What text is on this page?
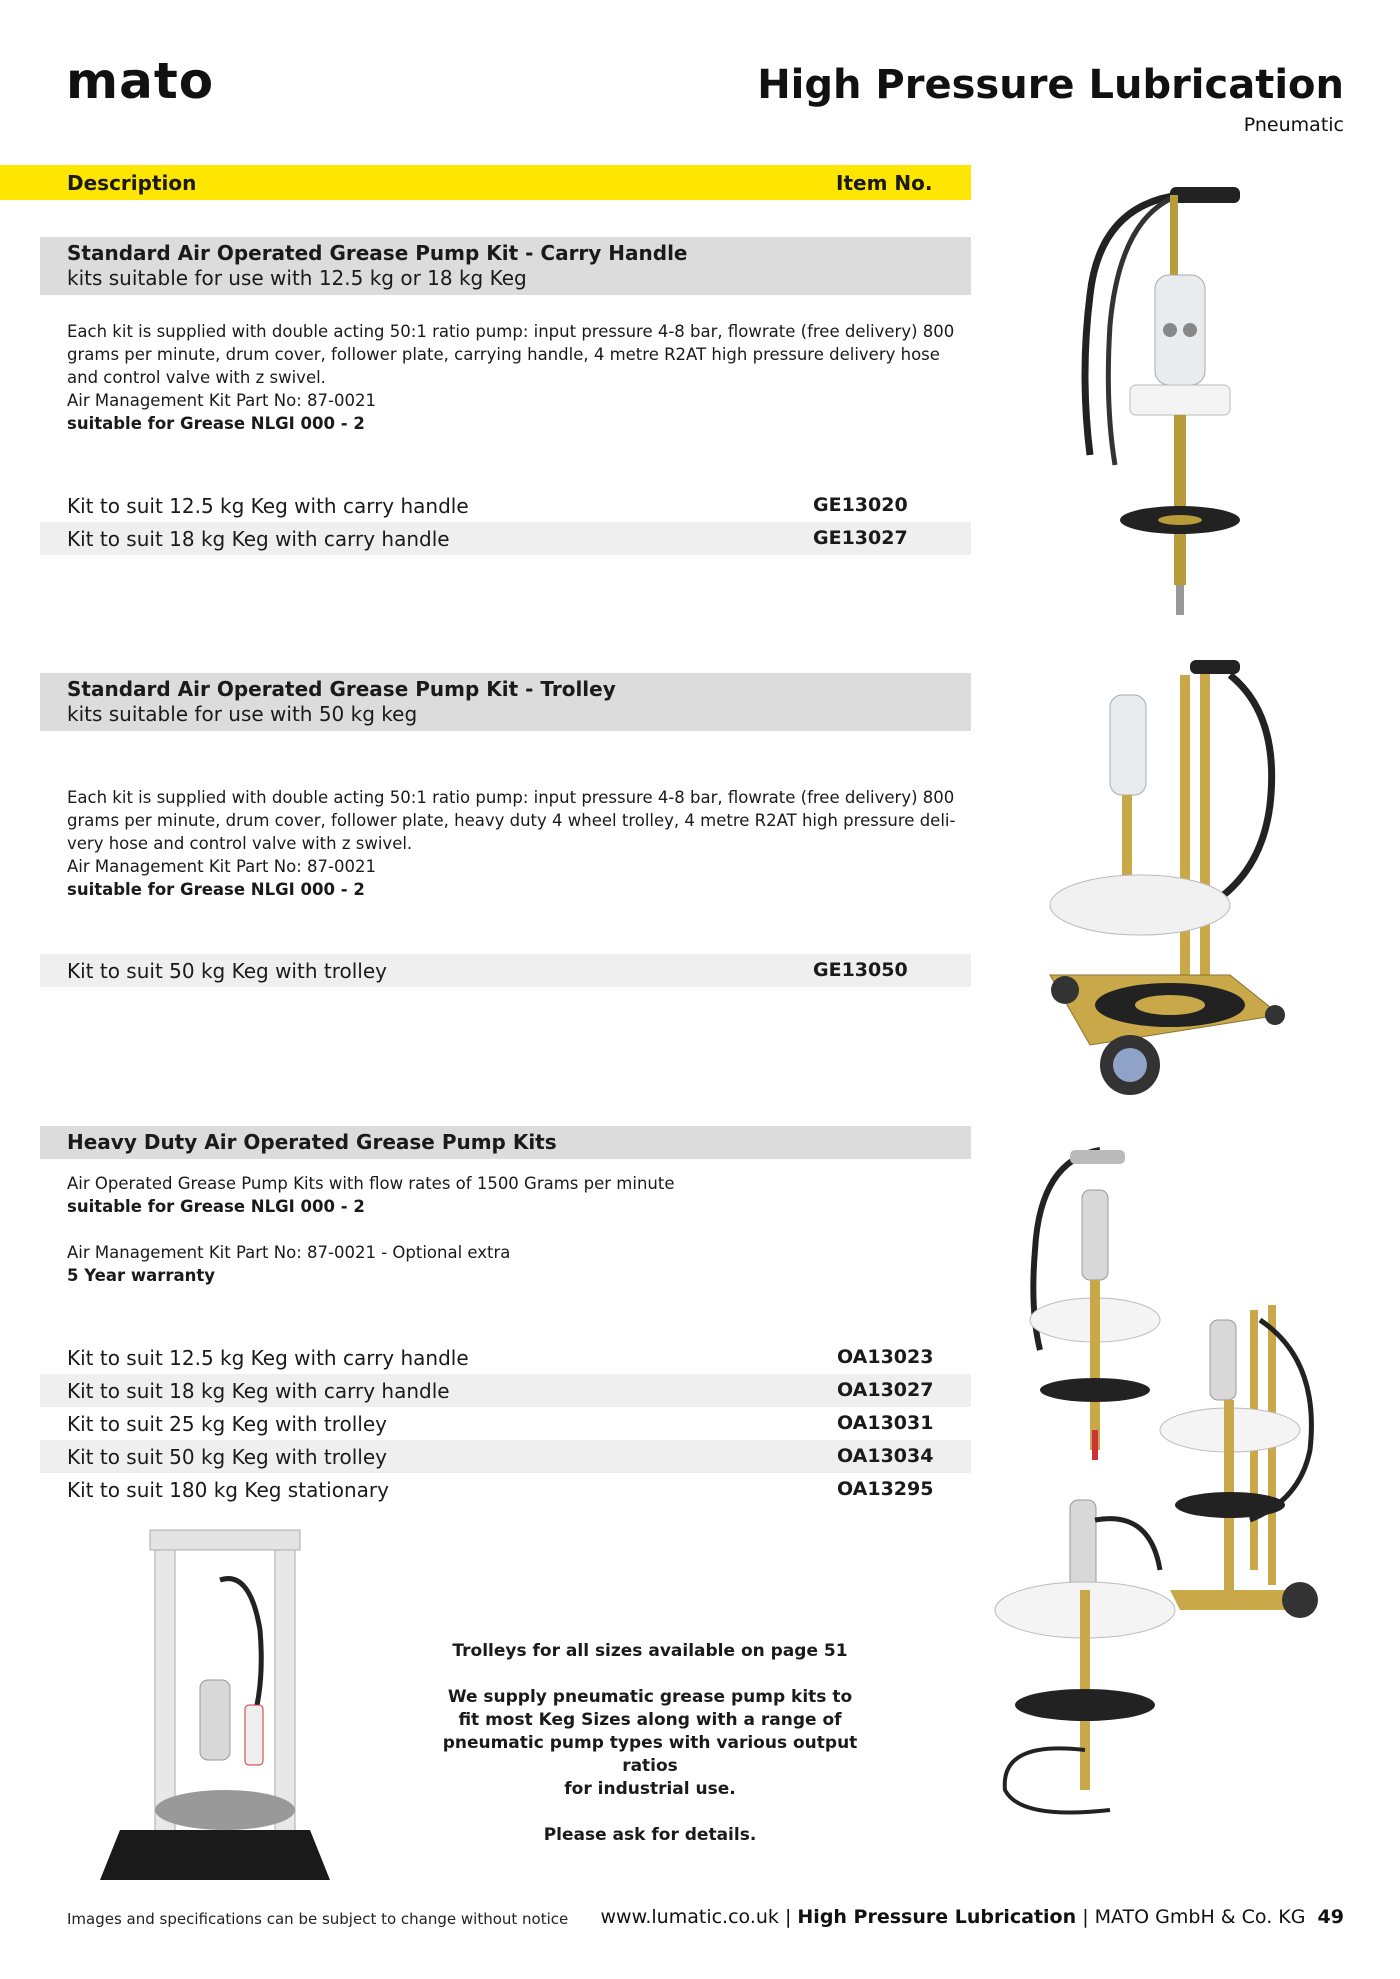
mato	High Pressure Lubrication
Pneumatic
Description	Item No.
Standard Air Operated Grease Pump Kit - Carry Handle
kits suitable for use with 12.5 kg or 18 kg Keg

Each kit is supplied with double acting 50:1 ratio pump: input pressure 4-8 bar, flowrate (free delivery) 800

grams per minute, drum cover, follower plate, carrying handle, 4 metre R2AT high pressure delivery hose

and control valve with z swivel.

Air Management Kit Part No: 87-0021

suitable for Grease NLGI 000 - 2

Kit to suit 12.5 kg Keg with carry handle	GE13020
Kit to suit 18 kg Keg with carry handle	GE13027
Standard Air Operated Grease Pump Kit - Trolley
kits suitable for use with 50 kg keg

Each kit is supplied with double acting 50:1 ratio pump: input pressure 4-8 bar, flowrate (free delivery) 800

grams per minute, drum cover, follower plate, heavy duty 4 wheel trolley, 4 metre R2AT high pressure deli-

very hose and control valve with z swivel.

Air Management Kit Part No: 87-0021

suitable for Grease NLGI 000 - 2

Kit to suit 50 kg Keg with trolley	GE13050
Heavy Duty Air Operated Grease Pump Kits

Air Operated Grease Pump Kits with flow rates of 1500 Grams per minute

suitable for Grease NLGI 000 - 2

Air Management Kit Part No: 87-0021 - Optional extra

5 Year warranty

Kit to suit 12.5 kg Keg with carry handle	OA13023
Kit to suit 18 kg Keg with carry handle	OA13027
Kit to suit 25 kg Keg with trolley	OA13031
Kit to suit 50 kg Keg with trolley	OA13034
Kit to suit 180 kg Keg stationary	OA13295

Trolleys for all sizes available on page 51

We supply pneumatic grease pump kits to
fit most Keg Sizes along with a range of
pneumatic pump types with various output ratios
for industrial use.

Please ask for details.

Images and specifications can be subject to change without notice www.lumatic.co.uk | High Pressure Lubrication | MATO GmbH & Co. KG 49
